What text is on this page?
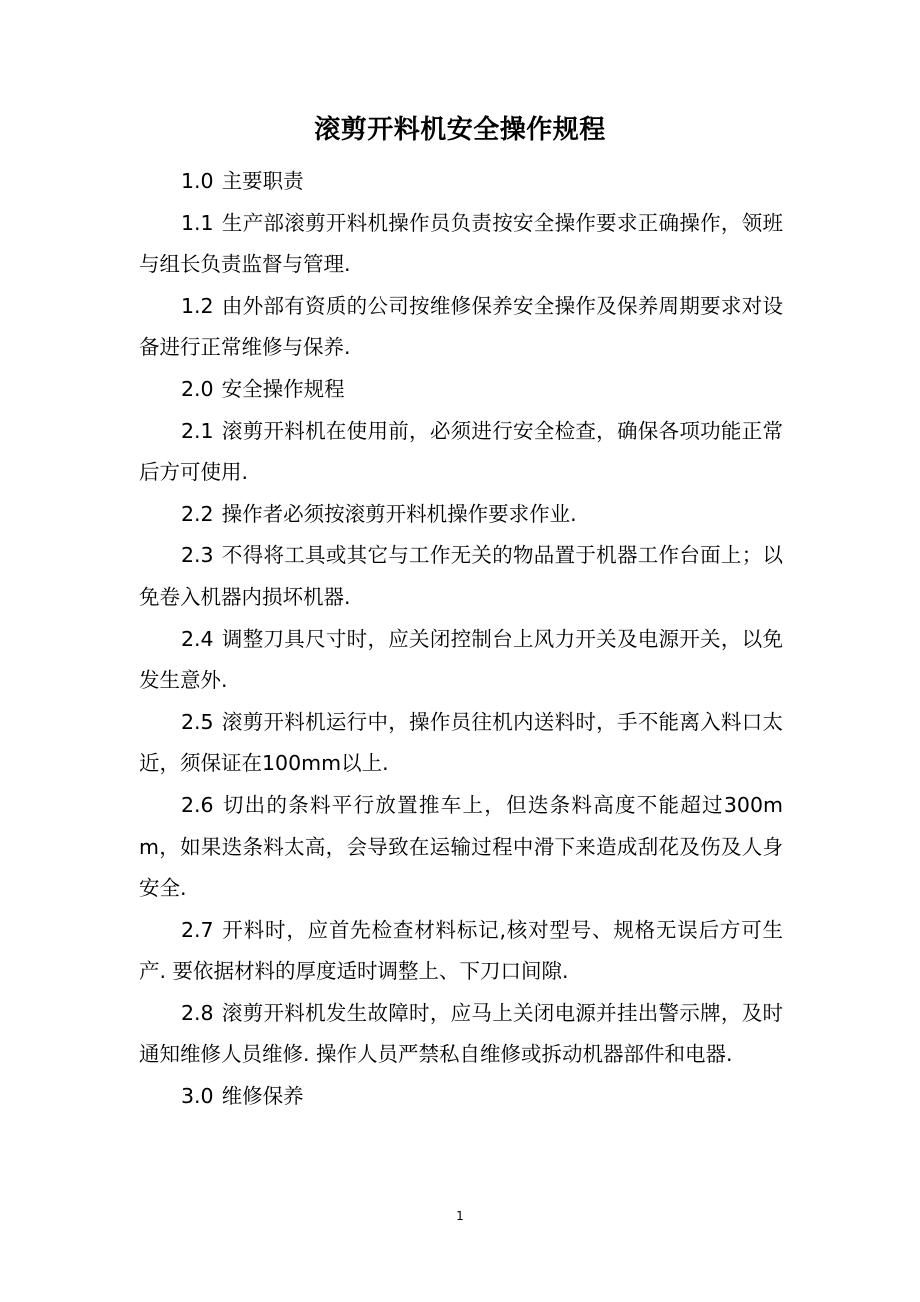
滚剪开料机安全操作规程

1.0 主要职责

1.1 生产部滚剪开料机操作员负责按安全操作要求正确操作，领班与组长负责监督与管理.

1.2 由外部有资质的公司按维修保养安全操作及保养周期要求对设备进行正常维修与保养.

2.0 安全操作规程

2.1 滚剪开料机在使用前，必须进行安全检查，确保各项功能正常后方可使用.

2.2 操作者必须按滚剪开料机操作要求作业.

2.3 不得将工具或其它与工作无关的物品置于机器工作台面上；以免卷入机器内损坏机器.

2.4 调整刀具尺寸时，应关闭控制台上风力开关及电源开关，以免发生意外.

2.5 滚剪开料机运行中，操作员往机内送料时，手不能离入料口太近，须保证在100mm以上.

2.6 切出的条料平行放置推车上，但迭条料高度不能超过300mm，如果迭条料太高，会导致在运输过程中滑下来造成刮花及伤及人身安全.

2.7 开料时，应首先检查材料标记,核对型号、规格无误后方可生产. 要依据材料的厚度适时调整上、下刀口间隙.

2.8 滚剪开料机发生故障时，应马上关闭电源并挂出警示牌，及时通知维修人员维修. 操作人员严禁私自维修或拆动机器部件和电器.

3.0 维修保养

1
